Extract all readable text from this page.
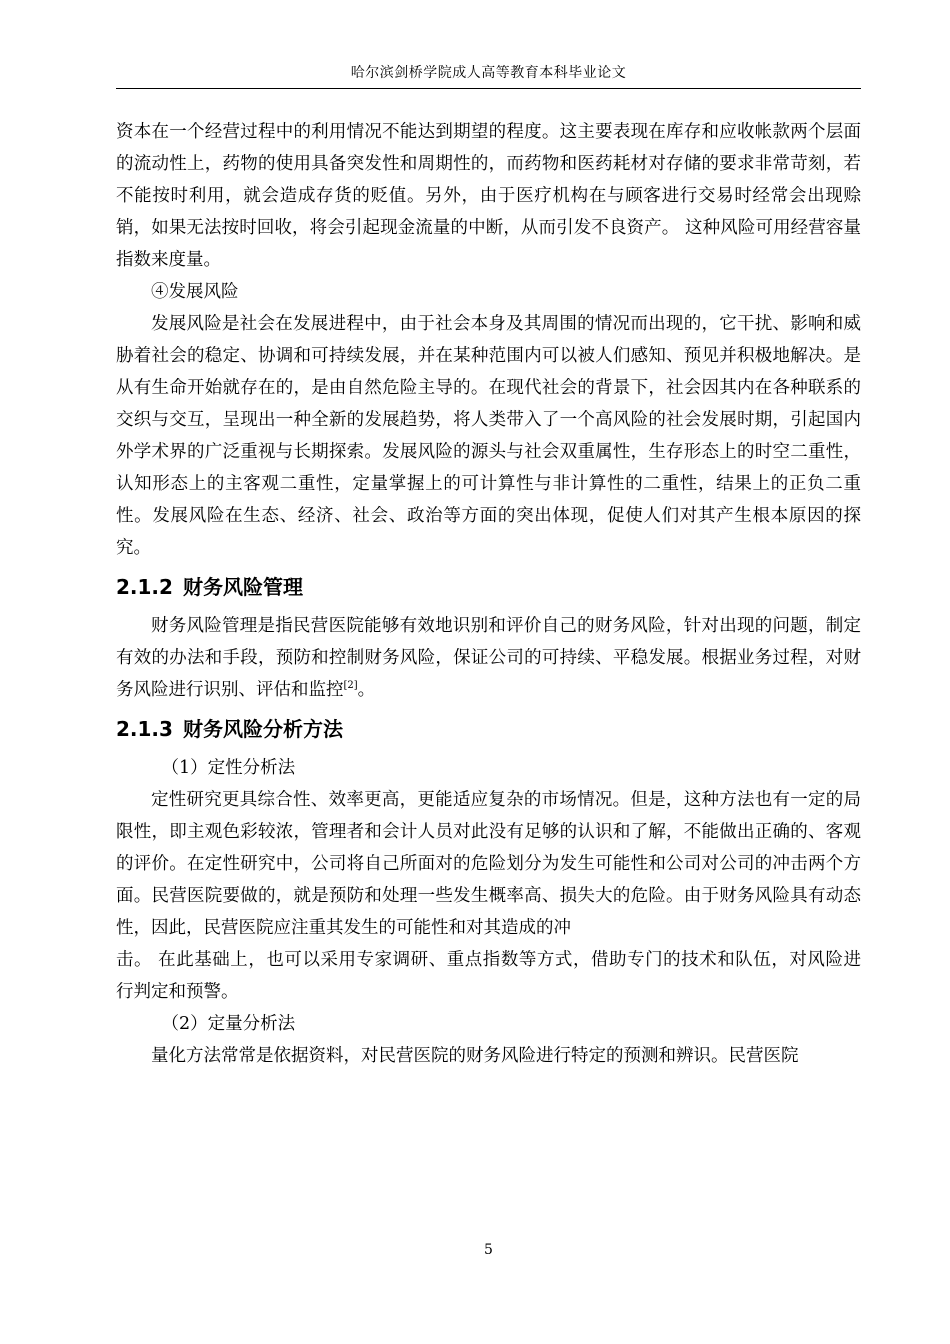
哈尔滨剑桥学院成人高等教育本科毕业论文

资本在一个经营过程中的利用情况不能达到期望的程度。这主要表现在库存和应收帐款两个层面的流动性上，药物的使用具备突发性和周期性的，而药物和医药耗材对存储的要求非常苛刻，若不能按时利用，就会造成存货的贬值。另外，由于医疗机构在与顾客进行交易时经常会出现赊销，如果无法按时回收，将会引起现金流量的中断，从而引发不良资产。 这种风险可用经营容量指数来度量。

④发展风险

发展风险是社会在发展进程中，由于社会本身及其周围的情况而出现的，它干扰、影响和威胁着社会的稳定、协调和可持续发展，并在某种范围内可以被人们感知、预见并积极地解决。是从有生命开始就存在的，是由自然危险主导的。在现代社会的背景下，社会因其内在各种联系的交织与交互，呈现出一种全新的发展趋势，将人类带入了一个高风险的社会发展时期，引起国内外学术界的广泛重视与长期探索。发展风险的源头与社会双重属性，生存形态上的时空二重性，认知形态上的主客观二重性，定量掌握上的可计算性与非计算性的二重性，结果上的正负二重性。发展风险在生态、经济、社会、政治等方面的突出体现，促使人们对其产生根本原因的探究。

2.1.2 财务风险管理

财务风险管理是指民营医院能够有效地识别和评价自己的财务风险，针对出现的问题，制定有效的办法和手段，预防和控制财务风险，保证公司的可持续、平稳发展。根据业务过程，对财务风险进行识别、评估和监控[2]。

2.1.3 财务风险分析方法

（1）定性分析法

定性研究更具综合性、效率更高，更能适应复杂的市场情况。但是，这种方法也有一定的局限性，即主观色彩较浓，管理者和会计人员对此没有足够的认识和了解，不能做出正确的、客观的评价。在定性研究中，公司将自己所面对的危险划分为发生可能性和公司对公司的冲击两个方面。民营医院要做的，就是预防和处理一些发生概率高、损失大的危险。由于财务风险具有动态性，因此，民营医院应注重其发生的可能性和对其造成的冲

击。 在此基础上，也可以采用专家调研、重点指数等方式，借助专门的技术和队伍，对风险进 行判定和预警。

（2）定量分析法

量化方法常常是依据资料，对民营医院的财务风险进行特定的预测和辨识。民营医院

5
